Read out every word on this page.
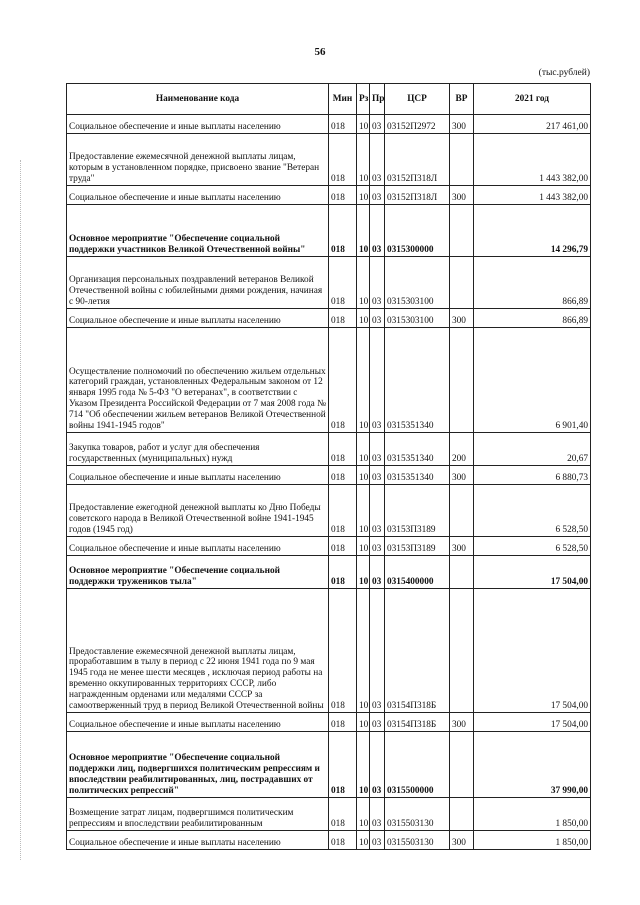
56
(тыс.рублей)
Наименование кода	Мин	Рз	Пр	ЦСР	ВР	2021 год
Социальное обеспечение и иные выплаты населению	018	10	03	03152П2972	300	217 461,00
Предоставление ежемесячной денежной выплаты лицам, которым в установленном порядке, присвоено звание "Ветеран труда"	018	10	03	03152П318Л		1 443 382,00
Социальное обеспечение и иные выплаты населению	018	10	03	03152П318Л	300	1 443 382,00
Основное мероприятие "Обеспечение социальной поддержки участников Великой Отечественной войны"	018	10	03	0315300000		14 296,79
Организация персональных поздравлений ветеранов Великой Отечественной войны с юбилейными днями рождения, начиная с 90-летия	018	10	03	0315303100		866,89
Социальное обеспечение и иные выплаты населению	018	10	03	0315303100	300	866,89
Осуществление полномочий по обеспечению жильем отдельных категорий граждан, установленных Федеральным законом от 12 января 1995 года № 5-ФЗ "О ветеранах", в соответствии с Указом Президента Российской Федерации от 7 мая 2008 года № 714 "Об обеспечении жильем ветеранов Великой Отечественной войны 1941-1945 годов"	018	10	03	0315351340		6 901,40
Закупка товаров, работ и услуг для обеспечения государственных (муниципальных) нужд	018	10	03	0315351340	200	20,67
Социальное обеспечение и иные выплаты населению	018	10	03	0315351340	300	6 880,73
Предоставление ежегодной денежной выплаты ко Дню Победы советского народа в Великой Отечественной войне 1941-1945 годов (1945 год)	018	10	03	03153П3189		6 528,50
Социальное обеспечение и иные выплаты населению	018	10	03	03153П3189	300	6 528,50
Основное мероприятие "Обеспечение социальной поддержки тружеников тыла"	018	10	03	0315400000		17 504,00
Предоставление ежемесячной денежной выплаты лицам, проработавшим в тылу в период с 22 июня 1941 года по 9 мая 1945 года не менее шести месяцев , исключая период работы на временно оккупированных территориях СССР, либо награжденным орденами или медалями СССР за самоотверженный труд в период Великой Отечественной войны	018	10	03	03154П318Б		17 504,00
Социальное обеспечение и иные выплаты населению	018	10	03	03154П318Б	300	17 504,00
Основное мероприятие "Обеспечение социальной поддержки лиц, подвергшихся политическим репрессиям и впоследствии реабилитированных, лиц, пострадавших от политических репрессий"	018	10	03	0315500000		37 990,00
Возмещение затрат лицам, подвергшимся политическим репрессиям и впоследствии реабилитированным	018	10	03	0315503130		1 850,00
Социальное обеспечение и иные выплаты населению	018	10	03	0315503130	300	1 850,00
